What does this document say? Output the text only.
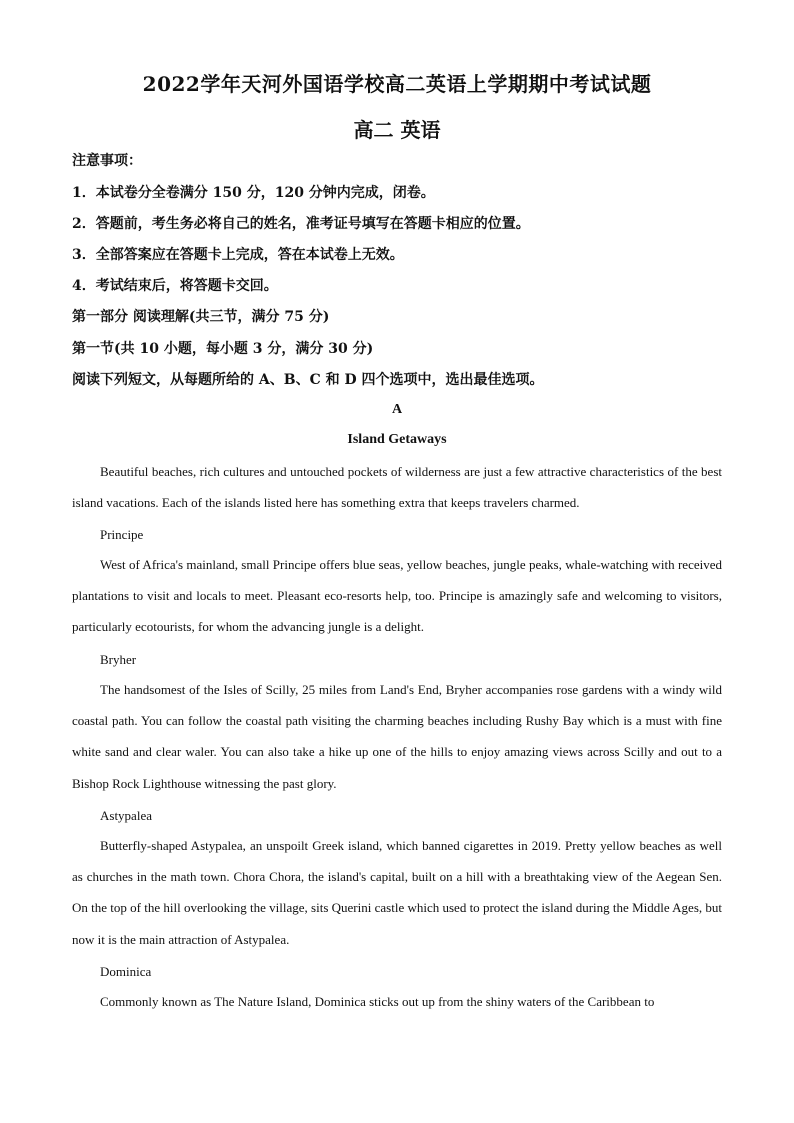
2022学年天河外国语学校高二英语上学期期中考试试题
高二 英语
注意事项：
1．本试卷分全卷满分 150 分，120 分钟内完成，闭卷。
2．答题前，考生务必将自己的姓名，准考证号填写在答题卡相应的位置。
3．全部答案应在答题卡上完成，答在本试卷上无效。
4．考试结束后，将答题卡交回。
第一部分 阅读理解(共三节，满分 75 分)
第一节(共 10 小题，每小题 3 分，满分 30 分)
阅读下列短文，从每题所给的 A、B、C 和 D 四个选项中，选出最佳选项。
A
Island Getaways
Beautiful beaches, rich cultures and untouched pockets of wilderness are just a few attractive characteristics of the best island vacations. Each of the islands listed here has something extra that keeps travelers charmed.
Principe
West of Africa's mainland, small Principe offers blue seas, yellow beaches, jungle peaks, whale-watching with received plantations to visit and locals to meet. Pleasant eco-resorts help, too. Principe is amazingly safe and welcoming to visitors, particularly ecotourists, for whom the advancing jungle is a delight.
Bryher
The handsomest of the Isles of Scilly, 25 miles from Land's End, Bryher accompanies rose gardens with a windy wild coastal path. You can follow the coastal path visiting the charming beaches including Rushy Bay which is a must with fine white sand and clear waler. You can also take a hike up one of the hills to enjoy amazing views across Scilly and out to a Bishop Rock Lighthouse witnessing the past glory.
Astypalea
Butterfly-shaped Astypalea, an unspoilt Greek island, which banned cigarettes in 2019. Pretty yellow beaches as well as churches in the math town. Chora Chora, the island's capital, built on a hill with a breathtaking view of the Aegean Sen. On the top of the hill overlooking the village, sits Querini castle which used to protect the island during the Middle Ages, but now it is the main attraction of Astypalea.
Dominica
Commonly known as The Nature Island, Dominica sticks out up from the shiny waters of the Caribbean to
